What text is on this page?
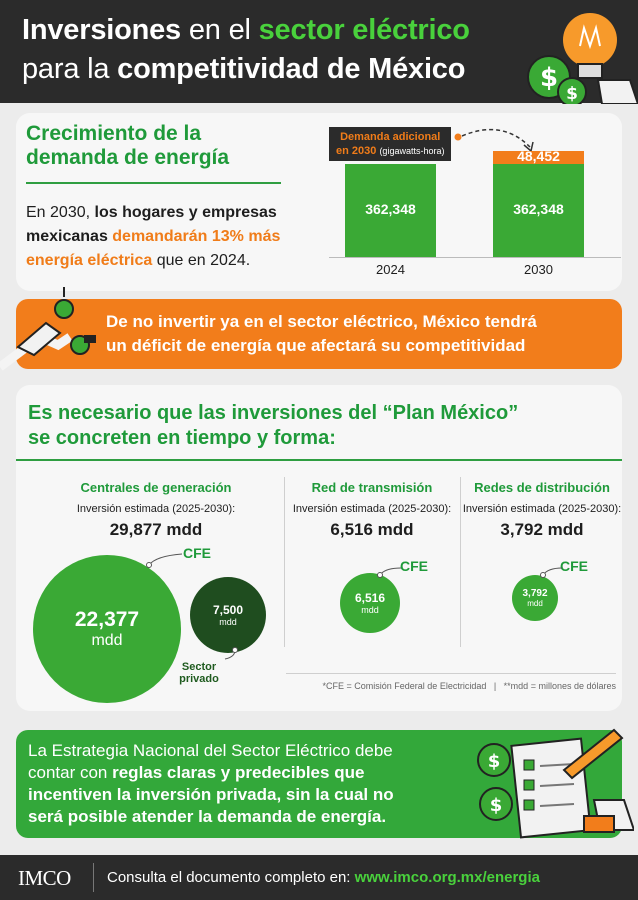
Inversiones en el sector eléctrico
para la competitividad de México	$
$
Crecimiento de la
demanda de energía
En 2030, los hogares y empresas mexicanas demandarán 13% más energía eléctrica que en 2024.
Demanda adicional
en 2030 (gigawatts-hora)
362,348	362,348
48,452
2024	2030
De no invertir ya en el sector eléctrico, México tendrá
un déficit de energía que afectará su competitividad
Es necesario que las inversiones del “Plan México”
se concreten en tiempo y forma:
Centrales de generación
Inversión estimada (2025-2030):
29,877 mdd
22,377
mdd
CFE
7,500
mdd
Sector
privado
Red de transmisión
Inversión estimada (2025-2030):
6,516 mdd
6,516
mdd
CFE
Redes de distribución
Inversión estimada (2025-2030):
3,792 mdd
3,792
mdd
CFE
*CFE = Comisión Federal de Electricidad   |   **mdd = millones de dólares
La Estrategia Nacional del Sector Eléctrico debe
contar con reglas claras y predecibles que
incentiven la inversión privada, sin la cual no
será posible atender la demanda de energía.
$
$
IMCO Consulta el documento completo en: www.imco.org.mx/energia
